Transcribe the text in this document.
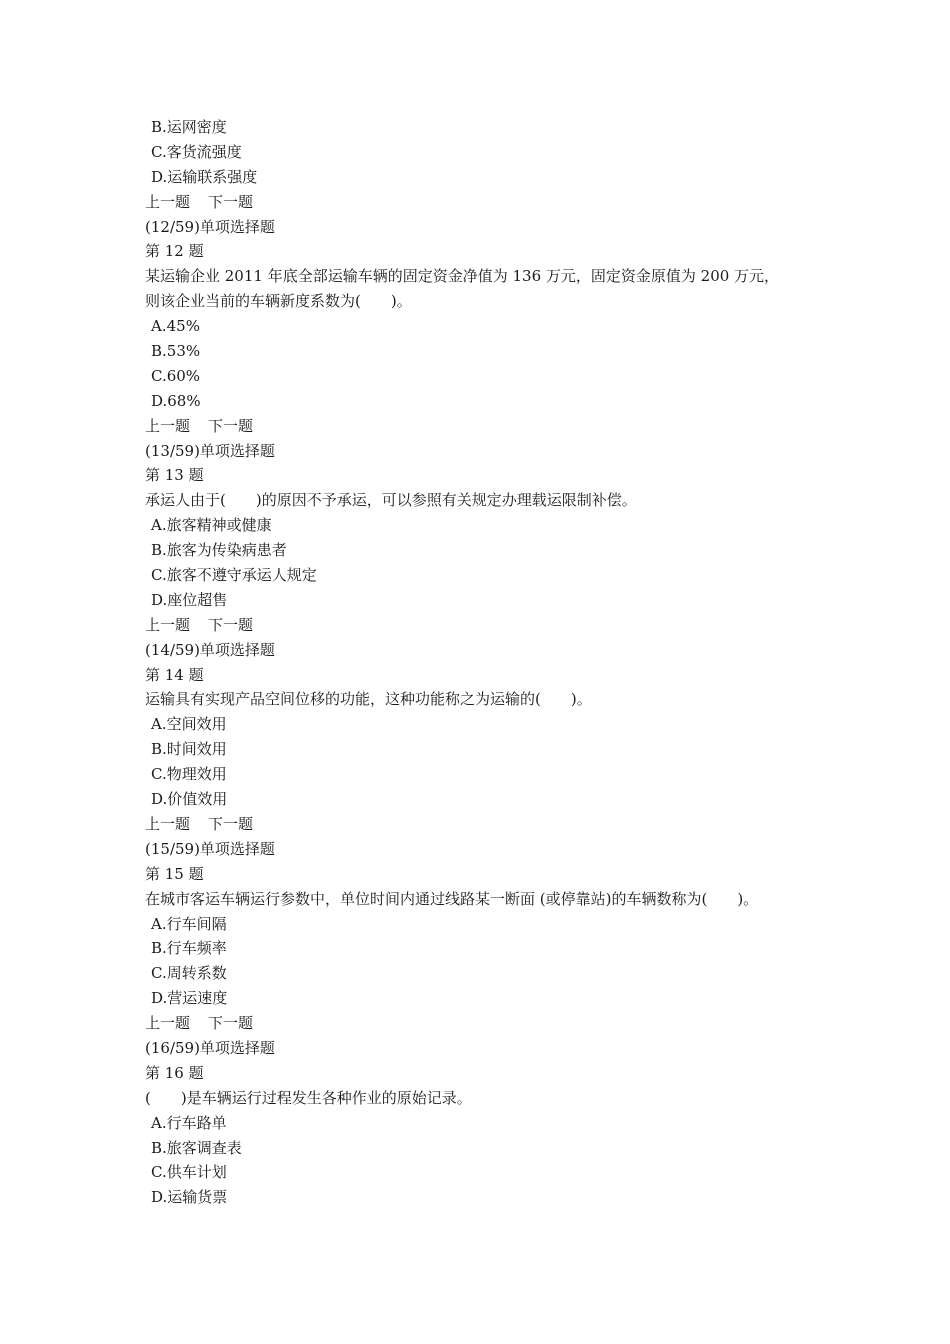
B.运网密度
C.客货流强度
D.运输联系强度
上一题 下一题
(12/59)单项选择题
第 12 题
某运输企业 2011 年底全部运输车辆的固定资金净值为 136 万元，固定资金原值为 200 万元，
则该企业当前的车辆新度系数为(　　)。
A.45%
B.53%
C.60%
D.68%
上一题 下一题
(13/59)单项选择题
第 13 题
承运人由于(　　)的原因不予承运，可以参照有关规定办理载运限制补偿。
A.旅客精神或健康
B.旅客为传染病患者
C.旅客不遵守承运人规定
D.座位超售
上一题 下一题
(14/59)单项选择题
第 14 题
运输具有实现产品空间位移的功能，这种功能称之为运输的(　　)。
A.空间效用
B.时间效用
C.物理效用
D.价值效用
上一题 下一题
(15/59)单项选择题
第 15 题
在城市客运车辆运行参数中，单位时间内通过线路某一断面 (或停靠站)的车辆数称为(　　)。
A.行车间隔
B.行车频率
C.周转系数
D.营运速度
上一题 下一题
(16/59)单项选择题
第 16 题
(　　)是车辆运行过程发生各种作业的原始记录。
A.行车路单
B.旅客调查表
C.供车计划
D.运输货票
